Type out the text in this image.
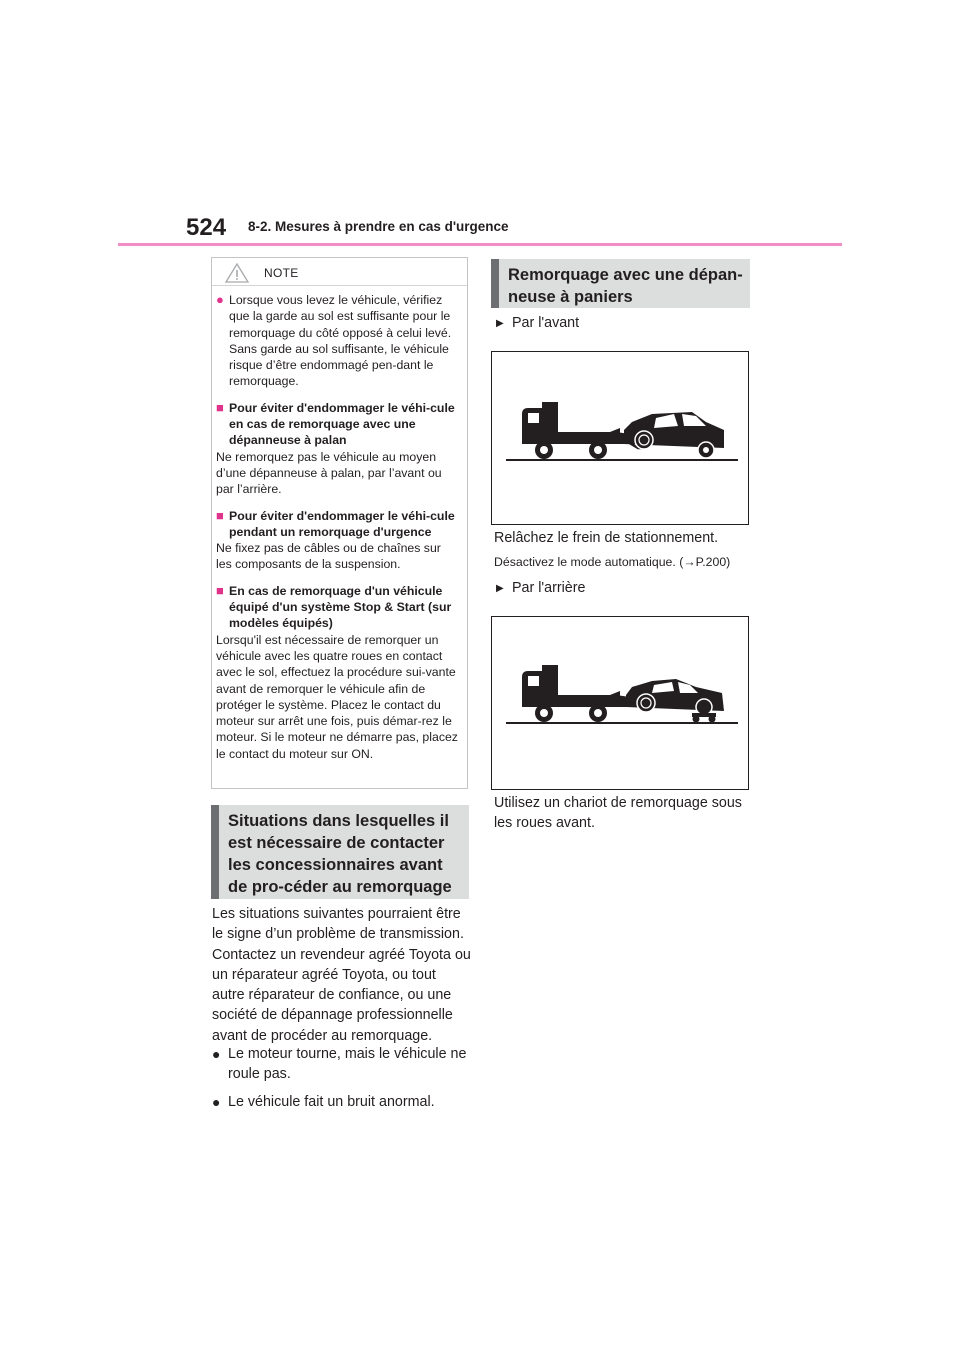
524 8-2. Mesures à prendre en cas d'urgence
NOTE
● Lorsque vous levez le véhicule, vérifiez que la garde au sol est suffisante pour le remorquage du côté opposé à celui levé. Sans garde au sol suffisante, le véhicule risque d’être endommagé pen-dant le remorquage.
■ Pour éviter d'endommager le véhi-cule en cas de remorquage avec une dépanneuse à palan
Ne remorquez pas le véhicule au moyen d’une dépanneuse à palan, par l’avant ou par l’arrière.
■ Pour éviter d'endommager le véhi-cule pendant un remorquage d'urgence
Ne fixez pas de câbles ou de chaînes sur les composants de la suspension.
■ En cas de remorquage d'un véhicule équipé d'un système Stop & Start (sur modèles équipés)
Lorsqu'il est nécessaire de remorquer un véhicule avec les quatre roues en contact avec le sol, effectuez la procédure sui-vante avant de remorquer le véhicule afin de protéger le système. Placez le contact du moteur sur arrêt une fois, puis démar-rez le moteur. Si le moteur ne démarre pas, placez le contact du moteur sur ON.
Situations dans lesquelles il est nécessaire de contacter les concessionnaires avant de pro-céder au remorquage
Les situations suivantes pourraient être le signe d’un problème de transmission. Contactez un revendeur agréé Toyota ou un réparateur agréé Toyota, ou tout autre réparateur de confiance, ou une société de dépannage professionnelle avant de procéder au remorquage.
● Le moteur tourne, mais le véhicule ne roule pas.
● Le véhicule fait un bruit anormal.
Remorquage avec une dépan-neuse à paniers
▶ Par l'avant
Relâchez le frein de stationnement.
Désactivez le mode automatique. (→P.200)
▶ Par l'arrière
Utilisez un chariot de remorquage sous les roues avant.
